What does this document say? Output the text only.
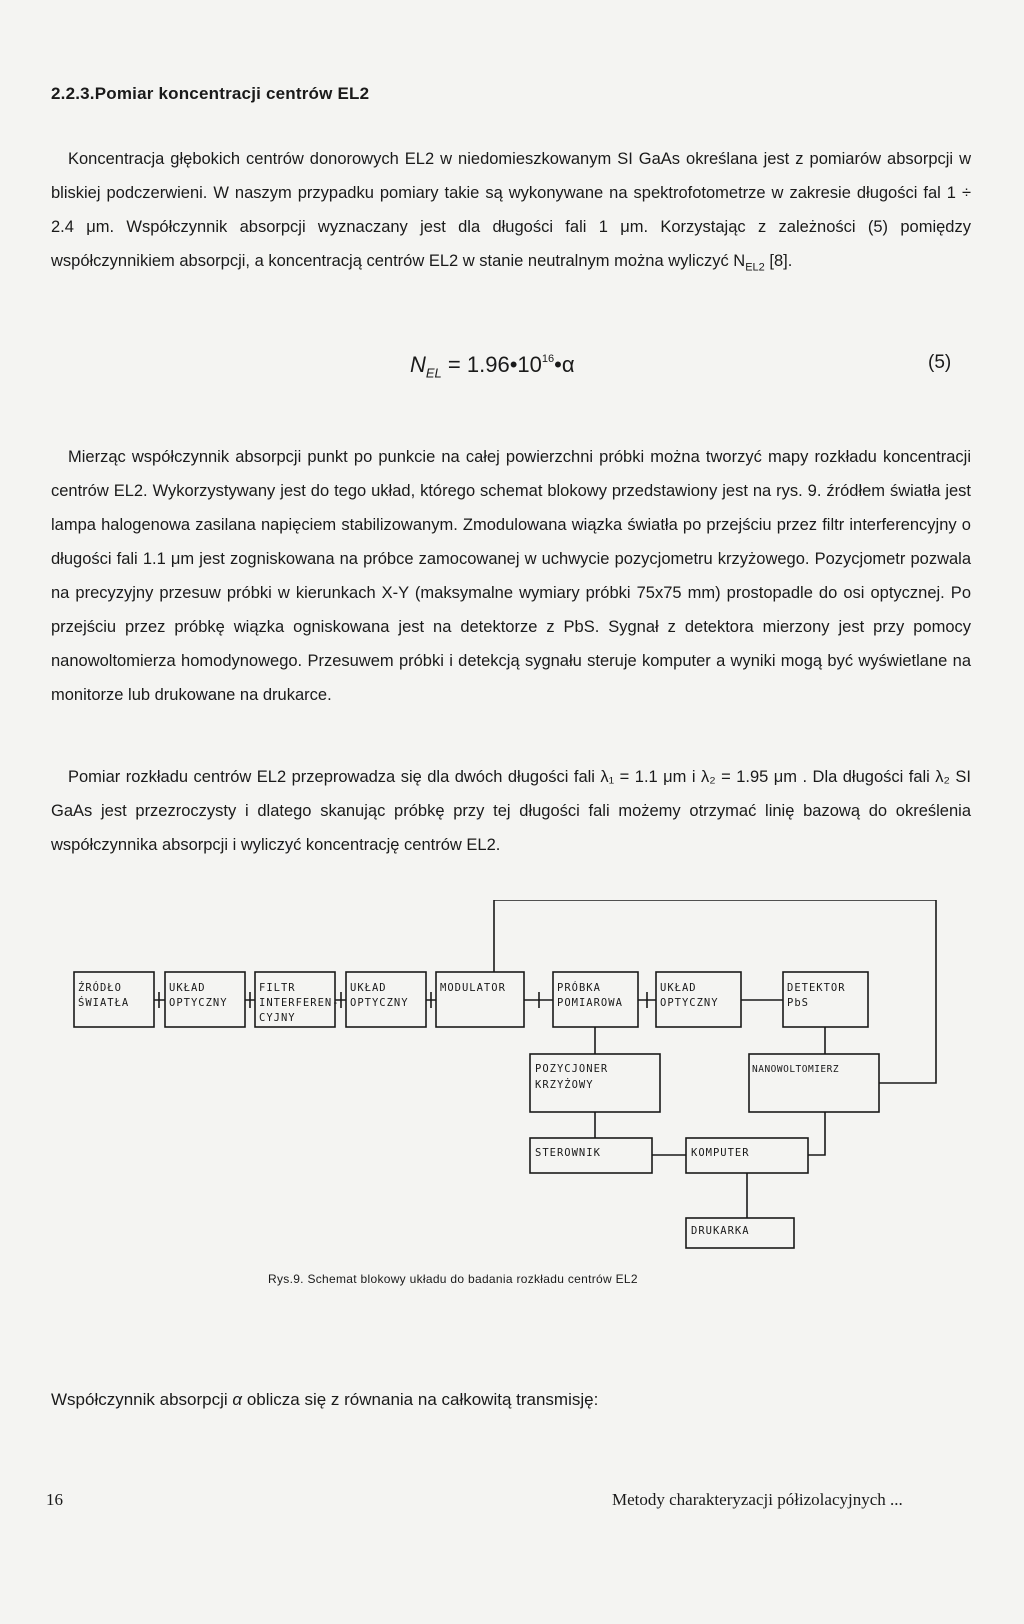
2.2.3.Pomiar koncentracji centrów EL2
Koncentracja głębokich centrów donorowych EL2 w niedomieszkowanym SI GaAs określana jest z pomiarów absorpcji w bliskiej podczerwieni. W naszym przypadku pomiary takie są wykonywane na spektrofotometrze w zakresie długości fal 1 ÷ 2.4 μm. Współczynnik absorpcji wyznaczany jest dla długości fali 1 μm. Korzystając z zależności (5) pomiędzy współczynnikiem absorpcji, a koncentracją centrów EL2 w stanie neutralnym można wyliczyć $N_{EL2}$ [8].
$N_{EL}$ = $1.96•10^{16}•\alpha$	(5)
Mierząc współczynnik absorpcji punkt po punkcie na całej powierzchni próbki można tworzyć mapy rozkładu koncentracji centrów EL2. Wykorzystywany jest do tego układ, którego schemat blokowy przedstawiony jest na rys. 9. źródłem światła jest lampa halogenowa zasilana napięciem stabilizowanym. Zmodulowana wiązka światła po przejściu przez filtr interferencyjny o długości fali 1.1 μm jest zogniskowana na próbce zamocowanej w uchwycie pozycjometru krzyżowego. Pozycjometr pozwala na precyzyjny przesuw próbki w kierunkach X-Y (maksymalne wymiary próbki 75x75 mm) prostopadle do osi optycznej. Po przejściu przez próbkę wiązka ogniskowana jest na detektorze z PbS. Sygnał z detektora mierzony jest przy pomocy nanowoltomierza homodynowego. Przesuwem próbki i detekcją sygnału steruje komputer a wyniki mogą być wyświetlane na monitorze lub drukowane na drukarce.
Pomiar rozkładu centrów EL2 przeprowadza się dla dwóch długości fali λ₁ = 1.1 μm i λ₂ = 1.95 μm . Dla długości fali λ₂ SI GaAs jest przezroczysty i dlatego skanując próbkę przy tej długości fali możemy otrzymać linię bazową do określenia współczynnika absorpcji i wyliczyć koncentrację centrów EL2.
ŹRÓDŁO
ŚWIATŁA
UKŁAD
OPTYCZNY
FILTR
INTERFEREN-
CYJNY
UKŁAD
OPTYCZNY
MODULATOR	PRÓBKA
POMIAROWA
UKŁAD
OPTYCZNY
DETEKTOR
PbS
POZYCJONER
KRZYŻOWY
NANOWOLTOMIERZ
STEROWNIK	KOMPUTER
DRUKARKA
Rys.9. Schemat blokowy układu do badania rozkładu centrów EL2
Współczynnik absorpcji α oblicza się z równania na całkowitą transmisję:
16	Metody charakteryzacji półizolacyjnych ...
